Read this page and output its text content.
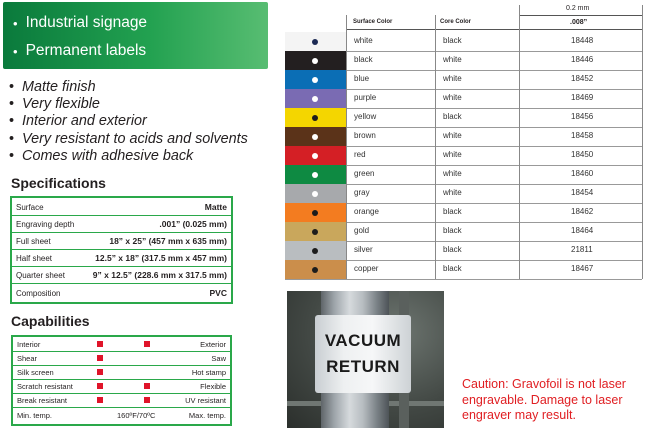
• Industrial signage
• Permanent labels
• Matte finish
• Very flexible
• Interior and exterior
• Very resistant to acids and solvents
• Comes with adhesive back
Specifications
Surface	Matte
Engraving depth	.001” (0.025 mm)
Full sheet	18” x 25” (457 mm x 635 mm)
Half sheet	12.5” x 18” (317.5 mm x 457 mm)
Quarter sheet	9” x 12.5” (228.6 mm x 317.5 mm)
Composition	PVC
Capabilities
Interior	Exterior
Shear	Saw
Silk screen	Hot stamp
Scratch resistant	Flexible
Break resistant	UV resistant
Min. temp.	160ºF/70ºC	Max. temp.
0.2 mm
Surface Color	Core Color	.008”
white	black	18448
black	white	18446
blue	white	18452
purple	white	18469
yellow	black	18456
brown	white	18458
red	white	18450
green	white	18460
gray	white	18454
orange	black	18462
gold	black	18464
silver	black	21811
copper	black	18467
VACUUM
RETURN
Caution: Gravofoil is not laser engravable. Damage to laser engraver may result.
